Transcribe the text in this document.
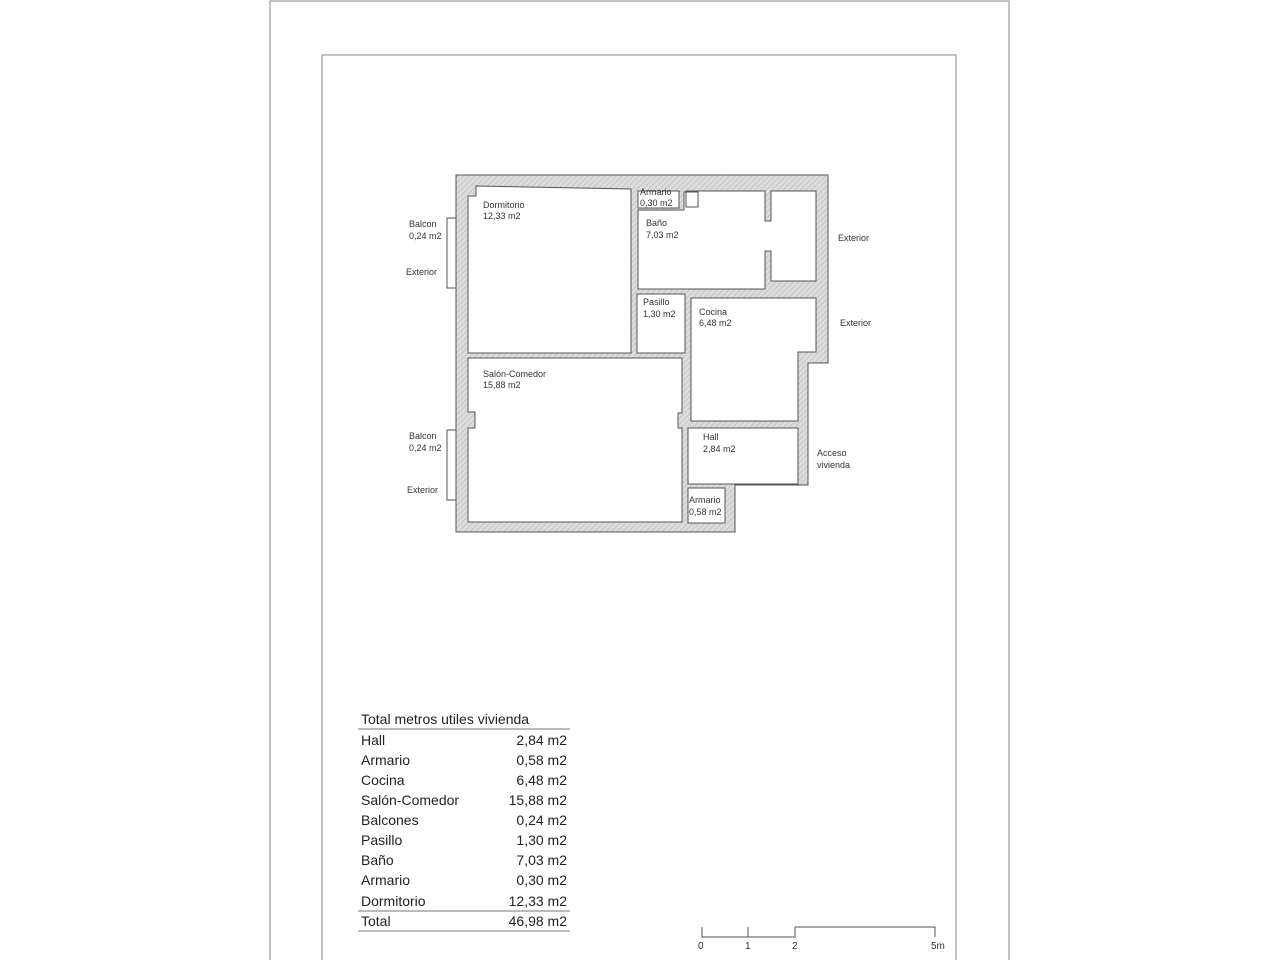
Dormitorio
12,33 m2
Armario
0,30 m2
Baño
7,03 m2
Pasillo
1,30 m2	Cocina
6,48 m2
Salón-Comedor
15,88 m2
Hall
2,84 m2
Armario
0,58 m2
Balcon
0,24 m2
Exterior
Balcon
0,24 m2
Exterior
Exterior
Exterior
Acceso
vivienda
Total metros utiles vivienda
Hall	2,84 m2
Armario	0,58 m2
Cocina	6,48 m2
Salón-Comedor	15,88 m2
Balcones	0,24 m2
Pasillo	1,30 m2
Baño	7,03 m2
Armario	0,30 m2
Dormitorio	12,33 m2
Total	46,98 m2
0	1	2	5m
